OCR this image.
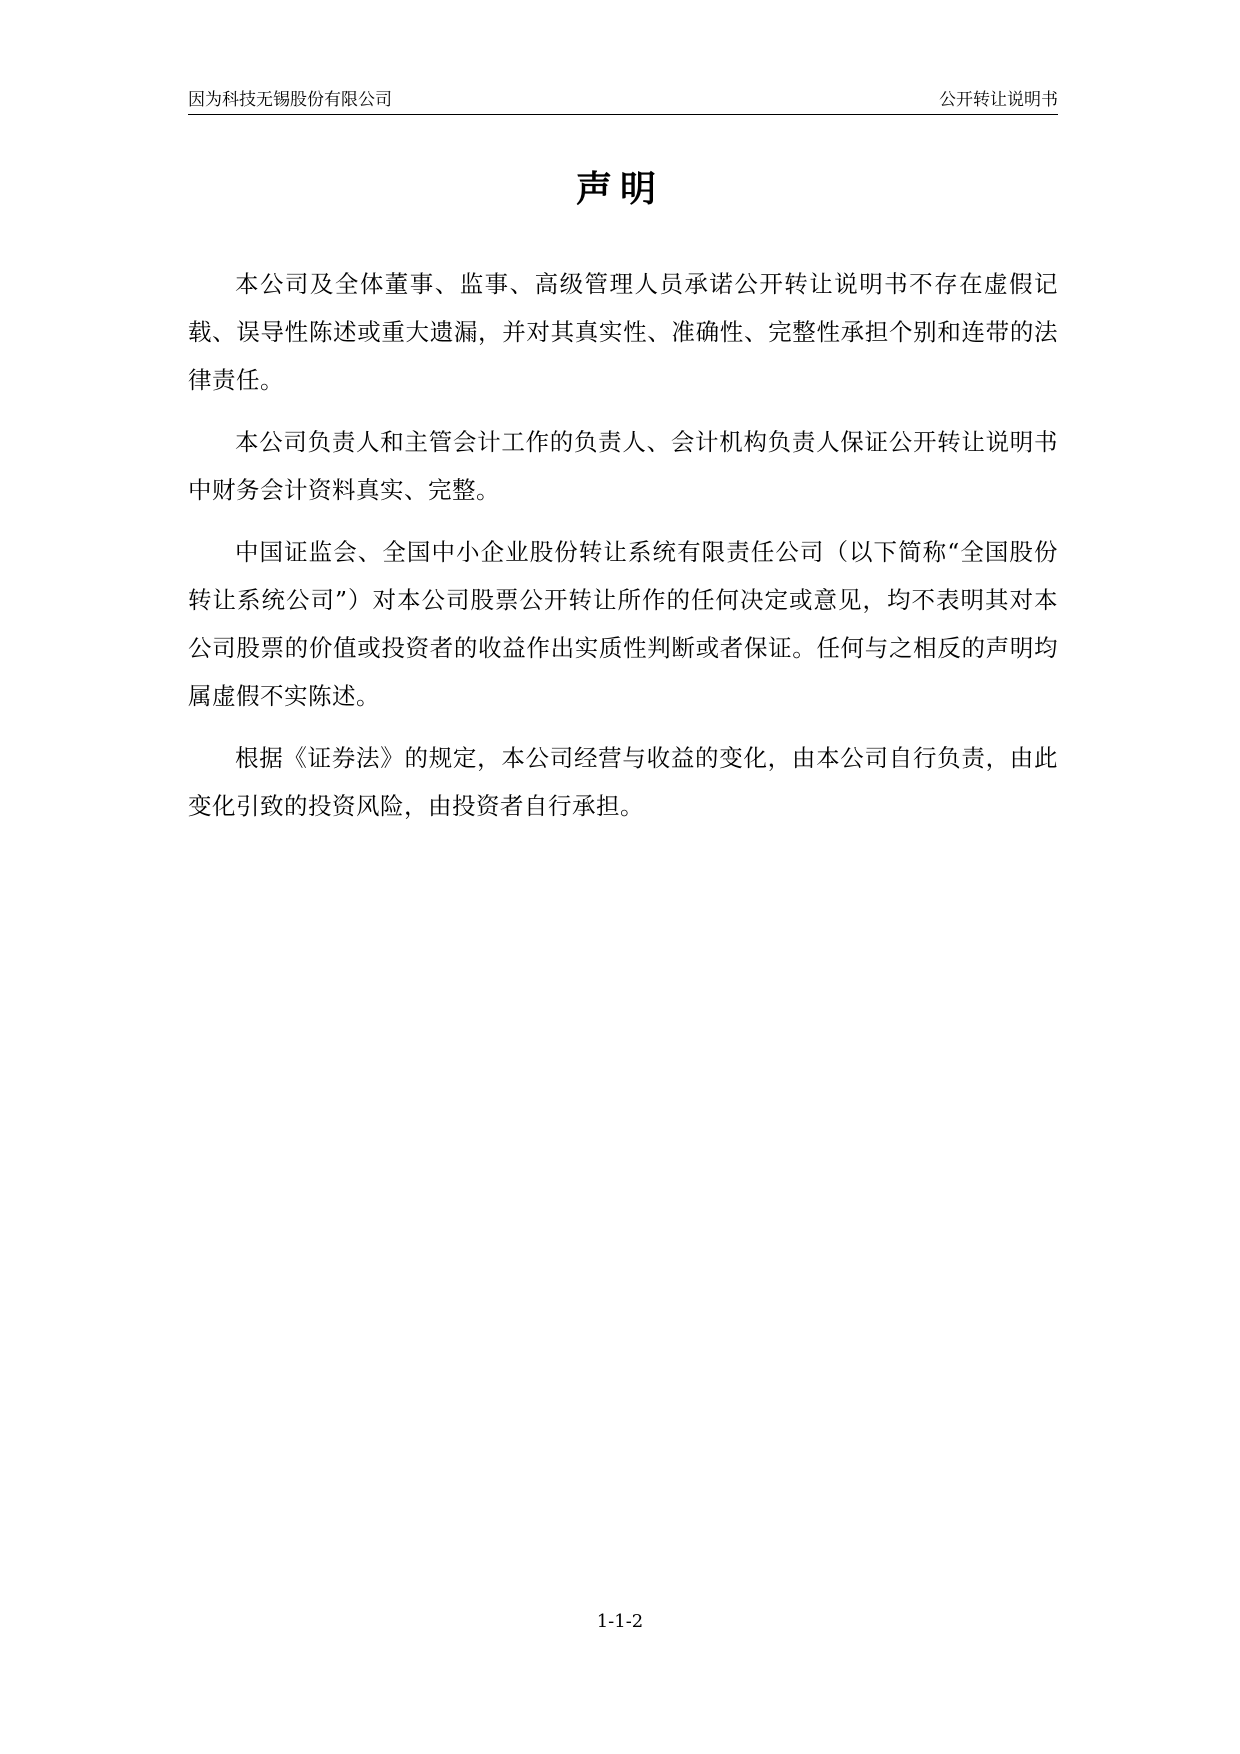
因为科技无锡股份有限公司	公开转让说明书
声明

本公司及全体董事、监事、高级管理人员承诺公开转让说明书不存在虚假记载、误导性陈述或重大遗漏，并对其真实性、准确性、完整性承担个别和连带的法律责任。

本公司负责人和主管会计工作的负责人、会计机构负责人保证公开转让说明书中财务会计资料真实、完整。

中国证监会、全国中小企业股份转让系统有限责任公司（以下简称“全国股份转让系统公司”）对本公司股票公开转让所作的任何决定或意见，均不表明其对本公司股票的价值或投资者的收益作出实质性判断或者保证。任何与之相反的声明均属虚假不实陈述。

根据《证券法》的规定，本公司经营与收益的变化，由本公司自行负责，由此变化引致的投资风险，由投资者自行承担。

1-1-2
